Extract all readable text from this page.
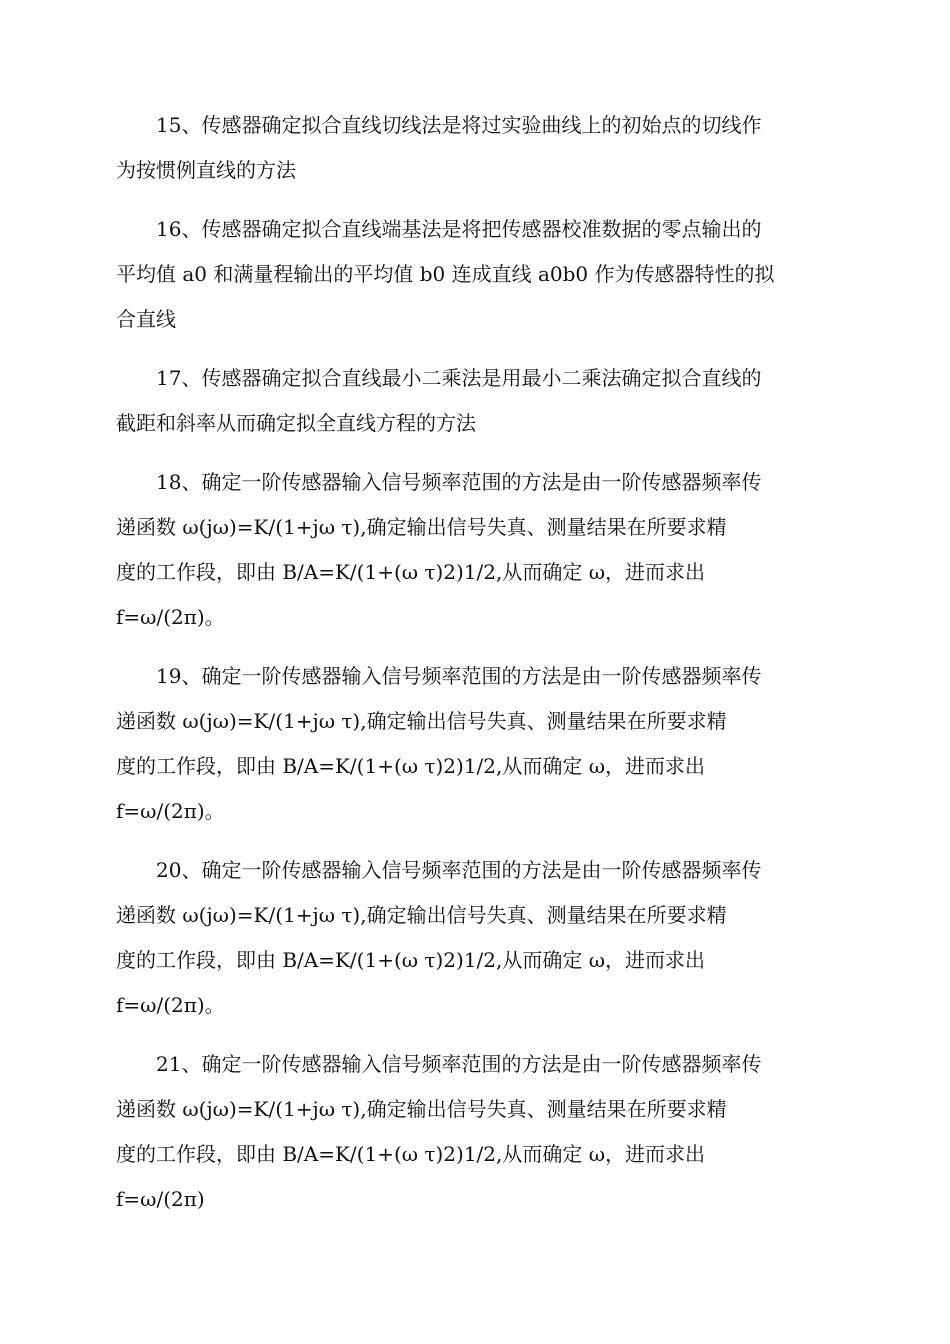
15、传感器确定拟合直线切线法是将过实验曲线上的初始点的切线作
为按惯例直线的方法
16、传感器确定拟合直线端基法是将把传感器校准数据的零点输出的
平均值 a0 和满量程输出的平均值 b0 连成直线 a0b0 作为传感器特性的拟
合直线
17、传感器确定拟合直线最小二乘法是用最小二乘法确定拟合直线的
截距和斜率从而确定拟全直线方程的方法
18、确定一阶传感器输入信号频率范围的方法是由一阶传感器频率传
递函数 ω(jω)=K/(1+jω τ),确定输出信号失真、测量结果在所要求精
度的工作段，即由 B/A=K/(1+(ω τ)2)1/2,从而确定 ω，进而求出
f=ω/(2π)。
19、确定一阶传感器输入信号频率范围的方法是由一阶传感器频率传
递函数 ω(jω)=K/(1+jω τ),确定输出信号失真、测量结果在所要求精
度的工作段，即由 B/A=K/(1+(ω τ)2)1/2,从而确定 ω，进而求出
f=ω/(2π)。
20、确定一阶传感器输入信号频率范围的方法是由一阶传感器频率传
递函数 ω(jω)=K/(1+jω τ),确定输出信号失真、测量结果在所要求精
度的工作段，即由 B/A=K/(1+(ω τ)2)1/2,从而确定 ω，进而求出
f=ω/(2π)。
21、确定一阶传感器输入信号频率范围的方法是由一阶传感器频率传
递函数 ω(jω)=K/(1+jω τ),确定输出信号失真、测量结果在所要求精
度的工作段，即由 B/A=K/(1+(ω τ)2)1/2,从而确定 ω，进而求出
f=ω/(2π)
